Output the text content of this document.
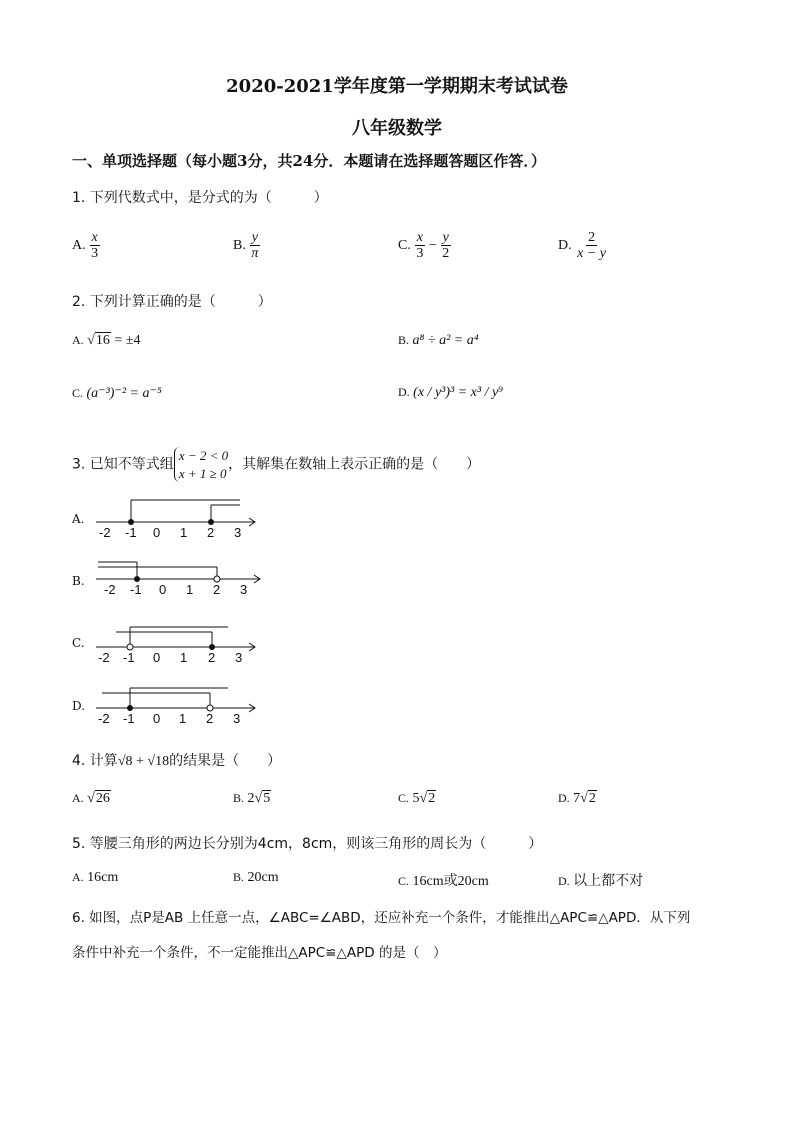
2020-2021学年度第一学期期末考试试卷
八年级数学
一、单项选择题（每小题3分，共24分．本题请在选择题答题区作答．）
1. 下列代数式中，是分式的为（　　　）
A. $\frac{x}{3}$	B. $\frac{y}{\pi}$	C. $\frac{x}{3} - \frac{y}{2}$	D. $\frac{2}{x - y}$
2. 下列计算正确的是（　　　）
A. √16 = ±4	B. a⁸ ÷ a² = a⁴
C. (a⁻³)⁻² = a⁻⁵	D. (x / y³)³ = x³ / y⁹
3. 已知不等式组
x − 2 < 0
x + 1 ≥ 0
，其解集在数轴上表示正确的是（　　）
A.
-2 -1 0 1 2 3
B.
-2 -1 0 1 2 3
C.
-2 -1 0 1 2 3
D.
-2 -1 0 1 2 3
4. 计算√8 + √18的结果是（　　）
A. √26	B. 2√5	C. 5√2	D. 7√2
5. 等腰三角形的两边长分别为4cm，8cm，则该三角形的周长为（　　　）
A. 16cm	B. 20cm	C. 16cm或20cm	D. 以上都不对
6. 如图，点P是AB 上任意一点，∠ABC=∠ABD，还应补充一个条件，才能推出△APC≌△APD．从下列
条件中补充一个条件，不一定能推出△APC≌△APD 的是（　）
